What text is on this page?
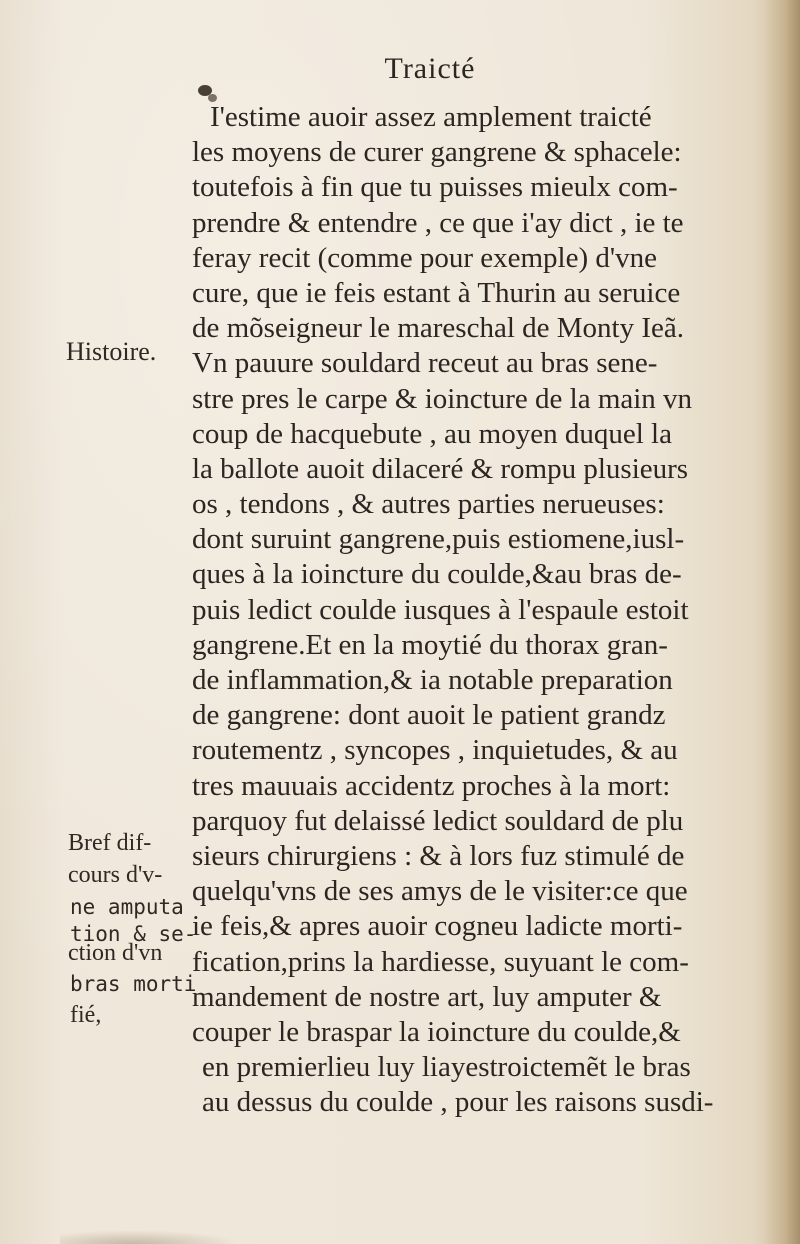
Traicté
I'estime auoir assez amplement traicté
les moyens de curer gangrene & sphacele:
toutefois à fin que tu puisses mieulx com-
prendre & entendre , ce que i'ay dict , ie te
feray recit (comme pour exemple) d'vne
cure, que ie feis estant à Thurin au seruice
de mõseigneur le mareschal de Monty Ieã.
Vn pauure souldard receut au bras sene-
stre pres le carpe & ioincture de la main vn
coup de hacquebute , au moyen duquel la
la ballote auoit dilaceré & rompu plusieurs
os , tendons , & autres parties nerueuses:
dont suruint gangrene,puis estiomene,iusl-
ques à la ioincture du coulde,&au bras de-
puis ledict coulde iusques à l'espaule estoit
gangrene.Et en la moytié du thorax gran-
de inflammation,& ia notable preparation
de gangrene: dont auoit le patient grandz
routementz , syncopes , inquietudes, & au
tres mauuais accidentz proches à la mort:
parquoy fut delaissé ledict souldard de plu
sieurs chirurgiens : & à lors fuz stimulé de
quelqu'vns de ses amys de le visiter:ce que
ie feis,& apres auoir cogneu ladicte morti-
fication,prins la hardiesse, suyuant le com-
mandement de nostre art, luy amputer &
couper le braspar la ioincture du coulde,&
en premierlieu luy liayestroictemẽt le bras
au dessus du coulde , pour les raisons susdi-
Histoire.
Bref dif-
cours d'v-
ne amputa
tion & se-
ction d'vn
bras morti
fié,
